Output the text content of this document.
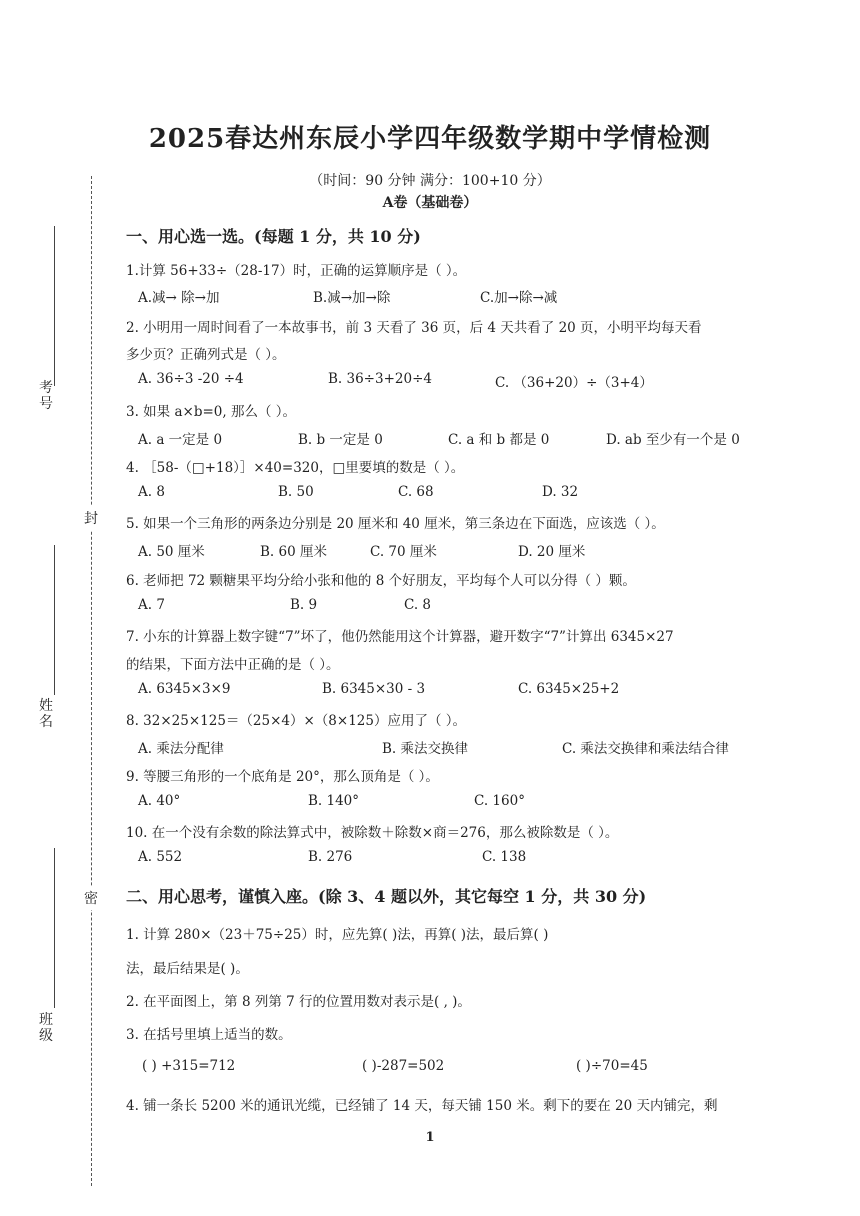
考号
姓名
班级
封
密
2025春达州东辰小学四年级数学期中学情检测
（时间：90 分钟 满分：100+10 分）
A卷（基础卷）
一、用心选一选。(每题 1 分，共 10 分)
1.计算 56+33÷（28-17）时，正确的运算顺序是（ ）。
A.减→ 除→加	B.减→加→除	C.加→除→减
2. 小明用一周时间看了一本故事书，前 3 天看了 36 页，后 4 天共看了 20 页，小明平均每天看
多少页？正确列式是（ ）。
A. 36÷3 -20 ÷4	B. 36÷3+20÷4	C. （36+20）÷（3+4）
3. 如果 a×b=0, 那么（ ）。
A. a 一定是 0	B. b 一定是 0	C. a 和 b 都是 0	D. ab 至少有一个是 0
4. ［58-（□+18）］×40=320，□里要填的数是（ ）。
A. 8	B. 50	C. 68	D. 32
5. 如果一个三角形的两条边分别是 20 厘米和 40 厘米，第三条边在下面选，应该选（ ）。
A. 50 厘米	B. 60 厘米	C. 70 厘米	D. 20 厘米
6. 老师把 72 颗糖果平均分给小张和他的 8 个好朋友，平均每个人可以分得（ ）颗。
A. 7	B. 9	C. 8
7. 小东的计算器上数字键“7”坏了，他仍然能用这个计算器，避开数字“7”计算出 6345×27
的结果，下面方法中正确的是（ ）。
A. 6345×3×9	B. 6345×30 - 3	C. 6345×25+2
8. 32×25×125＝（25×4）×（8×125）应用了（ ）。
A. 乘法分配律	B. 乘法交换律	C. 乘法交换律和乘法结合律
9. 等腰三角形的一个底角是 20°，那么顶角是（ ）。
A. 40°	B. 140°	C. 160°
10. 在一个没有余数的除法算式中，被除数＋除数×商＝276，那么被除数是（ ）。
A. 552	B. 276	C. 138
二、用心思考，谨慎入座。(除 3、4 题以外，其它每空 1 分，共 30 分)
1. 计算 280×（23＋75÷25）时，应先算( )法，再算( )法，最后算( )
法，最后结果是( )。
2. 在平面图上，第 8 列第 7 行的位置用数对表示是( , )。
3. 在括号里填上适当的数。
( ) +315=712	( )-287=502	( )÷70=45
4. 铺一条长 5200 米的通讯光缆，已经铺了 14 天，每天铺 150 米。剩下的要在 20 天内铺完，剩
1
